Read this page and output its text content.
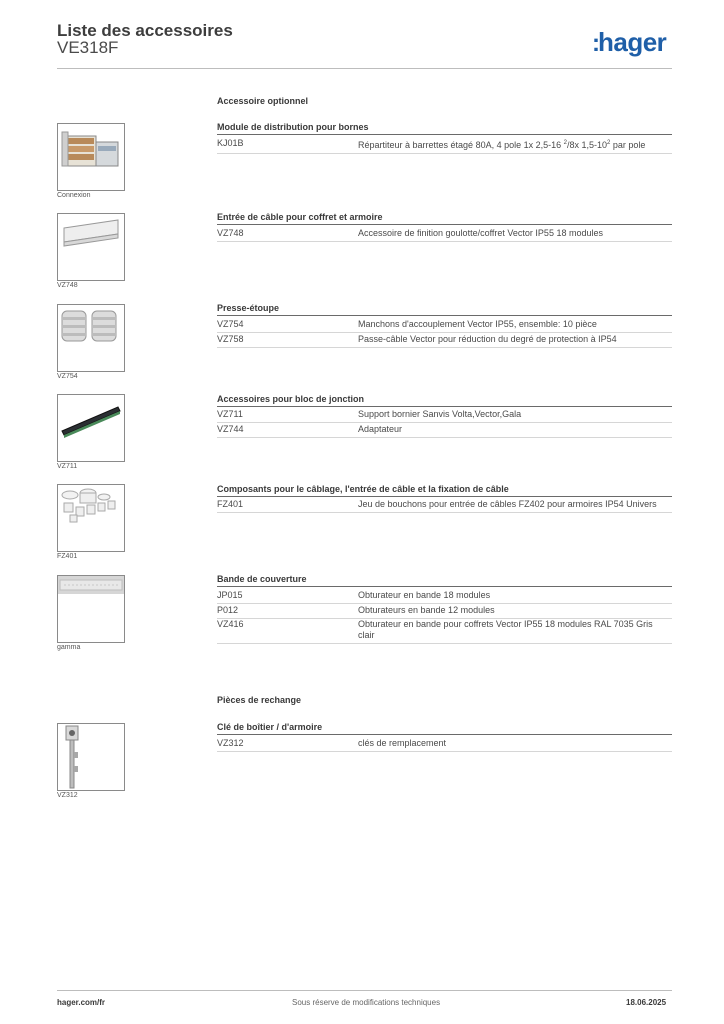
Liste des accessoires
VE318F	:hager
Accessoire optionnel
Connexion
Module de distribution pour bornes
KJ01B	Répartiteur à barrettes étagé 80A, 4 pole 1x 2,5-16 $^2$/8x $1,5-10^2$ par pole
VZ748
Entrée de câble pour coffret et armoire
VZ748	Accessoire de finition goulotte/coffret Vector IP55 18 modules
VZ754
Presse-étoupe
VZ754	Manchons d'accouplement Vector IP55, ensemble: 10 pièce
VZ758	Passe-câble Vector pour réduction du degré de protection à IP54
VZ711
Accessoires pour bloc de jonction
VZ711	Support bornier Sanvis Volta,Vector,Gala
VZ744	Adaptateur
FZ401
Composants pour le câblage, l'entrée de câble et la fixation de câble
FZ401	Jeu de bouchons pour entrée de câbles FZ402 pour armoires IP54 Univers
gamma
Bande de couverture
JP015	Obturateur en bande 18 modules
P012	Obturateurs en bande 12 modules
VZ416	Obturateur en bande pour coffrets Vector IP55 18 modules RAL 7035 Gris clair
Pièces de rechange
VZ312
Clé de boîtier / d'armoire
VZ312	clés de remplacement
hager.com/fr	Sous réserve de modifications techniques	18.06.2025
